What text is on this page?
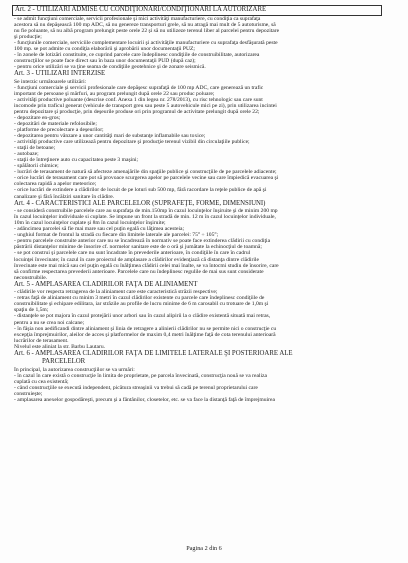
Art. 2 - UTILIZĂRI ADMISE CU CONDIŢIONĂRI/CONDIŢIONĂRI LA AUTORIZARE
- se admit funcţiuni comerciale, servicii profesionale şi mici activităţi manufacturiere, cu condiţia ca suprafaţa
acestora să nu depăşească 100 mp ADC, să nu genereze transporturi grele, să nu atragă mai mult de 5 autoturisme, să
nu fie poluante, să nu aibă program prelungit peste orele 22 şi să nu utilizeze terenul liber al parcelei pentru depozitare
şi producţie;
- funcţiunile comerciale, serviciile complementare locuirii şi activităţile manufacturiere cu suprafaţa desfăşurată peste
100 mp. se pot admite cu condiţia elaborării şi aprobării unor documentaţii PUZ;
- în zonele de lotizări constituite, ce cuprind parcele care îndeplinesc condiţiile de construibilitate, autorizarea
construcţiilor se poate face direct sau în baza unor documentaţii PUD (după caz);
- pentru orice utilizări se va ţine seama de condiţiile geotehnice şi de zonare seismică.
Art. 3 - UTILIZĂRI INTERZISE
Se interzic următoarele utilizări:
- funcţiuni comerciale şi servicii profesionale care depăşesc suprafaţă de 100 mp ADC, care generează un trafic
important de persoane şi mărfuri, au program prelungit după orele 22 sau produc poluare;
- activităţi productive poluante (descrise conf. Anexa 1 din legea nr. 278/2013), cu risc tehnologic sau care sunt
incomode prin traficul generat (vehicule de transport greu sau peste 5 autovehicule mici pe zi), prin utilizarea incintei
pentru depozitare şi producţie, prin deşeurile produse ori prin programul de activitate prelungit după orele 22;
- depozitare en-gros;
- depozitări de materiale refolosibile;
- platforme de precolectare a deşeurilor;
- depozitarea pentru vânzare a unor cantităţi mari de substanţe inflamabile sau toxice;
- activităţi productive care utilizează pentru depozitare şi producţie terenul vizibil din circulaţiile publice;
- staţii de betoane;
- autobaze;
- staţii de întreţinere auto cu capacitatea peste 3 maşini;
- spălătorii chimice;
- lucrări de terasament de natură să afecteze amenajările din spaţiile publice şi construcţiile de pe parcelele adiacente;
- orice lucrări de terasament care pot să provoace scurgerea apelor pe parcelele vecine sau care împiedică evacuarea şi
colectarea rapidă a apelor meteorice;
- orice lucrări de extindere a clădirilor de locuit de pe loturi sub 500 mp, fără racordare la reţele publice de apă şi
canalizare şi fără încălziri sanitare în clădire.
Art. 4 - CARACTERISTICI ALE PARCELELOR (SUPRAFEŢE, FORME, DIMENSIUNI)
- se consideră construibile parcelele care au suprafaţa de min.150mp în cazul locuinţelor înşiruite şi de minim 200 mp
în cazul locuinţelor individuale si cuplate. Se impune un front la stradă de min. 12 m în cazul locuinţelor individuale,
10m în cazul locuinţelor cuplate şi 8m în cazul locuinţelor înşiruite;
- adâncimea parcelei să fie mai mare sau cel puţin egală cu lăţimea acesteia;
- unghiul format de frontul la stradă cu fiecare din limitele laterale ale parcelei: 75° ÷ 105°;
- pentru parcelele construite anterior care nu se încadrează în normativ se poate face extinderea clădirii cu condiţia
păstrării distanţelor minime de însorire cf. normelor sanitare este de o oră şi jumătate la echinocţiul de toamnă;
- se pot construi şi parcelele care nu sunt încadrate în prevederile anterioare, în condiţiile în care în cadrul
locuinţei învecinate; în cazul în care proiectul de amplasare a clădirilor evidenţiază că distanţa dintre clădirile
învecinate este mai mică sau cel puţin egală cu înălţimea clădirii celei mai înalte, se va întocmi studiu de însorire, care
să confirme respectarea prevederii anterioare. Parcelele care nu îndeplinesc regulile de mai sus sunt considerate
neconstruibile.
Art. 5 - AMPLASAREA CLĂDIRILOR FAŢĂ DE ALINIAMENT
- clădirile vor respecta retragerea de la aliniament care este caracteristică străzii respective;
- retras faţă de aliniament cu minim 3 metri în cazul clădirilor existente cu parcele care îndeplinesc condiţiile de
construibilitate şi echipare edilitara, iar străzile au profile de lucru minime de 6 m carosabil cu trotuare de 1,0m şi
spaţiu de 1,5m;
- distanţele se pot majora în cazul protejării unor arbori sau în cazul alipirii la o clădire existentă situată mai retras,
pentru a nu se crea noi calcane;
- în fâşia non aedificandi dintre aliniament şi linia de retragere a alinierii clădirilor nu se permite nici o construcţie cu
excepţia împrejmuirilor, aleilor de acces şi platformelor de maxim 0,4 metri înălţime faţă de cota terenului anterioară
lucrărilor de terasament.
Nivelul este aliniat la str. Barbu Lautaru.
Art. 6 - AMPLASAREA CLĂDIRILOR FAŢĂ DE LIMITELE LATERALE ŞI POSTERIOARE ALE
PARCELELOR
În principal, la autorizarea construcţiilor se va urmări:
- în cazul în care există o construcţie în limita de proprietate, pe parcela învecinată, construcţia nouă se va realiza
cuplată cu cea existentă;
- când construcţiile se execută independent, picătura streaşinii va trebui să cadă pe terenul proprietarului care
construieşte;
- amplasarea anexelor gospodăreşti, precum şi a fântânilor, closetelor, etc. se va face la distanţă faţă de împrejmuirea
Pagina 2 din 6
